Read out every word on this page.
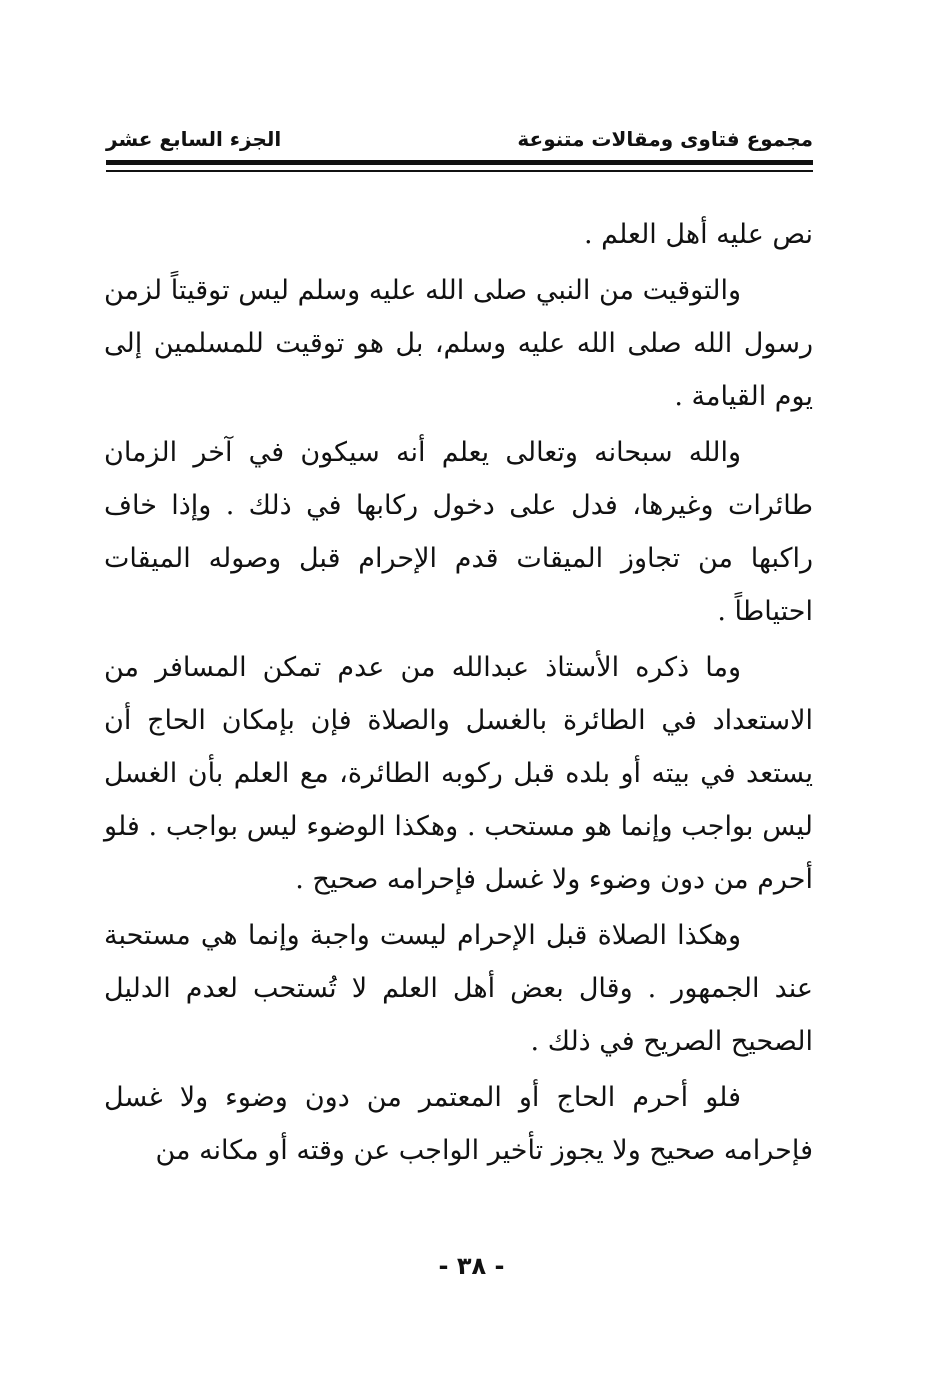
مجموع فتاوى ومقالات متنوعة
الجزء السابع عشر

نص عليه أهل العلم .

والتوقيت من النبي صلى الله عليه وسلم ليس توقيتاً لزمن رسول الله صلى الله عليه وسلم، بل هو توقيت للمسلمين إلى يوم القيامة .

والله سبحانه وتعالى يعلم أنه سيكون في آخر الزمان طائرات وغيرها، فدل على دخول ركابها في ذلك . وإذا خاف راكبها من تجاوز الميقات قدم الإحرام قبل وصوله الميقات احتياطاً .

وما ذكره الأستاذ عبدالله من عدم تمكن المسافر من الاستعداد في الطائرة بالغسل والصلاة فإن بإمكان الحاج أن يستعد في بيته أو بلده قبل ركوبه الطائرة، مع العلم بأن الغسل ليس بواجب وإنما هو مستحب . وهكذا الوضوء ليس بواجب . فلو أحرم من دون وضوء ولا غسل فإحرامه صحيح .

وهكذا الصلاة قبل الإحرام ليست واجبة وإنما هي مستحبة عند الجمهور . وقال بعض أهل العلم لا تُستحب لعدم الدليل الصحيح الصريح في ذلك .

فلو أحرم الحاج أو المعتمر من دون وضوء ولا غسل فإحرامه صحيح ولا يجوز تأخير الواجب عن وقته أو مكانه من

- ٣٨ -
